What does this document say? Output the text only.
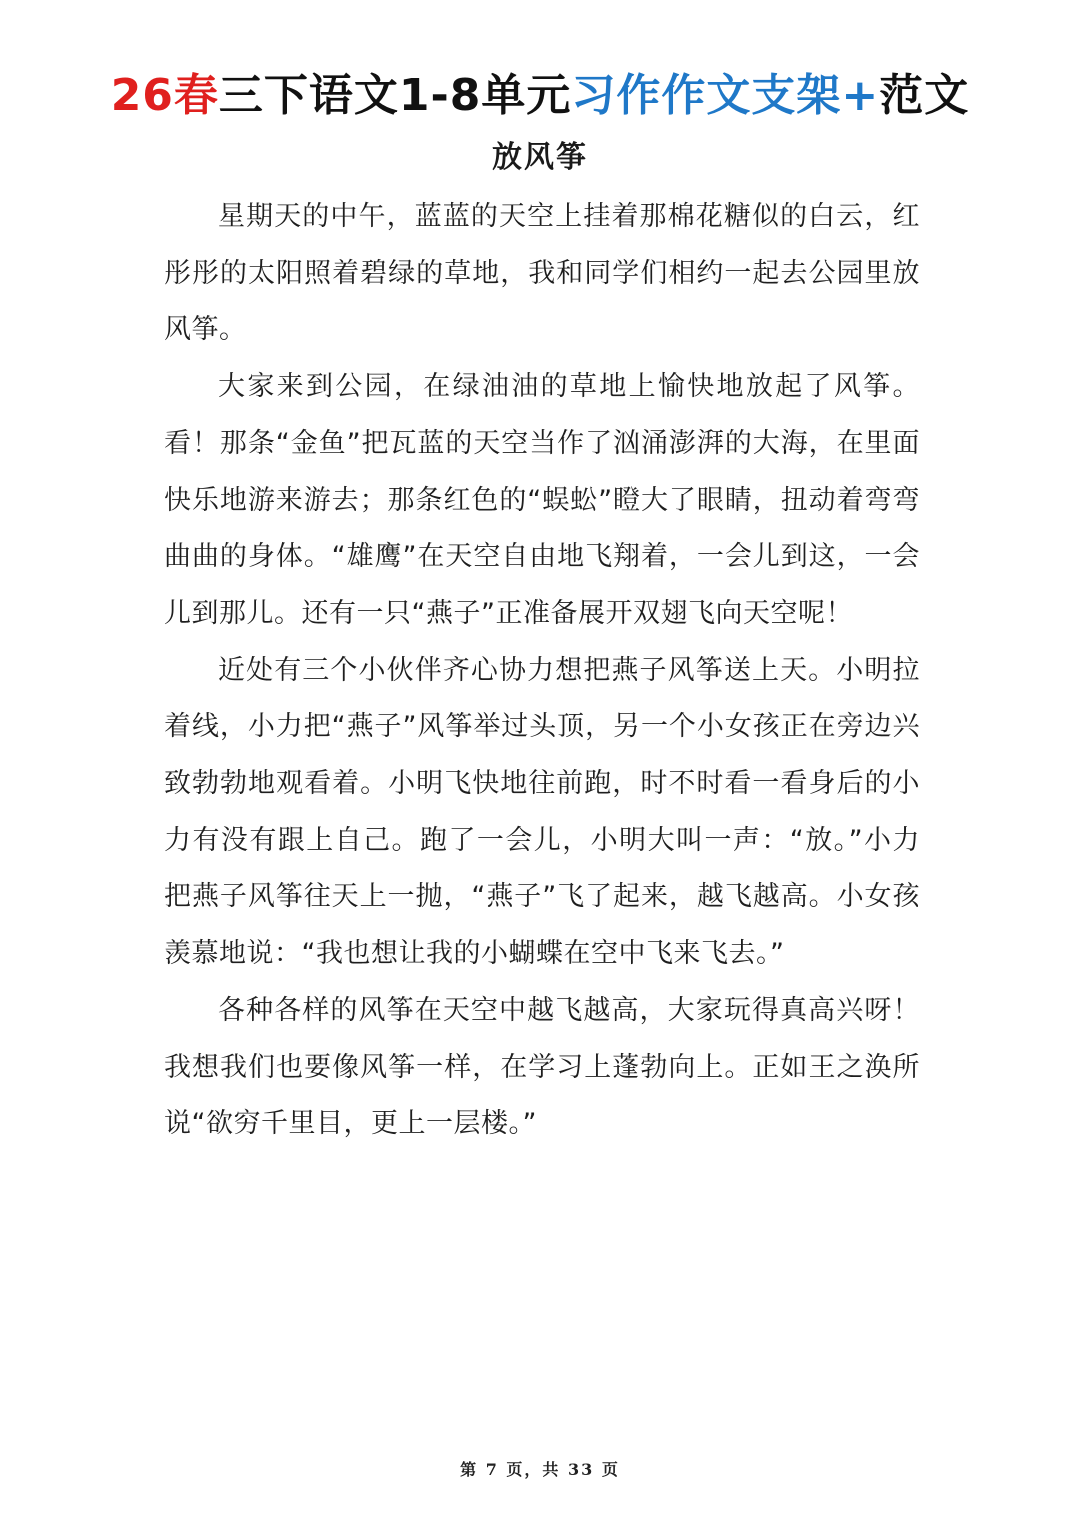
26春三下语文1-8单元习作作文支架+范文
放风筝

星期天的中午，蓝蓝的天空上挂着那棉花糖似的白云，红彤彤的太阳照着碧绿的草地，我和同学们相约一起去公园里放风筝。

大家来到公园，在绿油油的草地上愉快地放起了风筝。看！那条“金鱼”把瓦蓝的天空当作了汹涌澎湃的大海，在里面快乐地游来游去；那条红色的“蜈蚣”瞪大了眼睛，扭动着弯弯曲曲的身体。“雄鹰”在天空自由地飞翔着，一会儿到这，一会儿到那儿。还有一只“燕子”正准备展开双翅飞向天空呢！

近处有三个小伙伴齐心协力想把燕子风筝送上天。小明拉着线，小力把“燕子”风筝举过头顶，另一个小女孩正在旁边兴致勃勃地观看着。小明飞快地往前跑，时不时看一看身后的小力有没有跟上自己。跑了一会儿，小明大叫一声：“放。”小力把燕子风筝往天上一抛，“燕子”飞了起来，越飞越高。小女孩羡慕地说：“我也想让我的小蝴蝶在空中飞来飞去。”

各种各样的风筝在天空中越飞越高，大家玩得真高兴呀！我想我们也要像风筝一样，在学习上蓬勃向上。正如王之涣所说“欲穷千里目，更上一层楼。”

第 7 页，共 33 页
